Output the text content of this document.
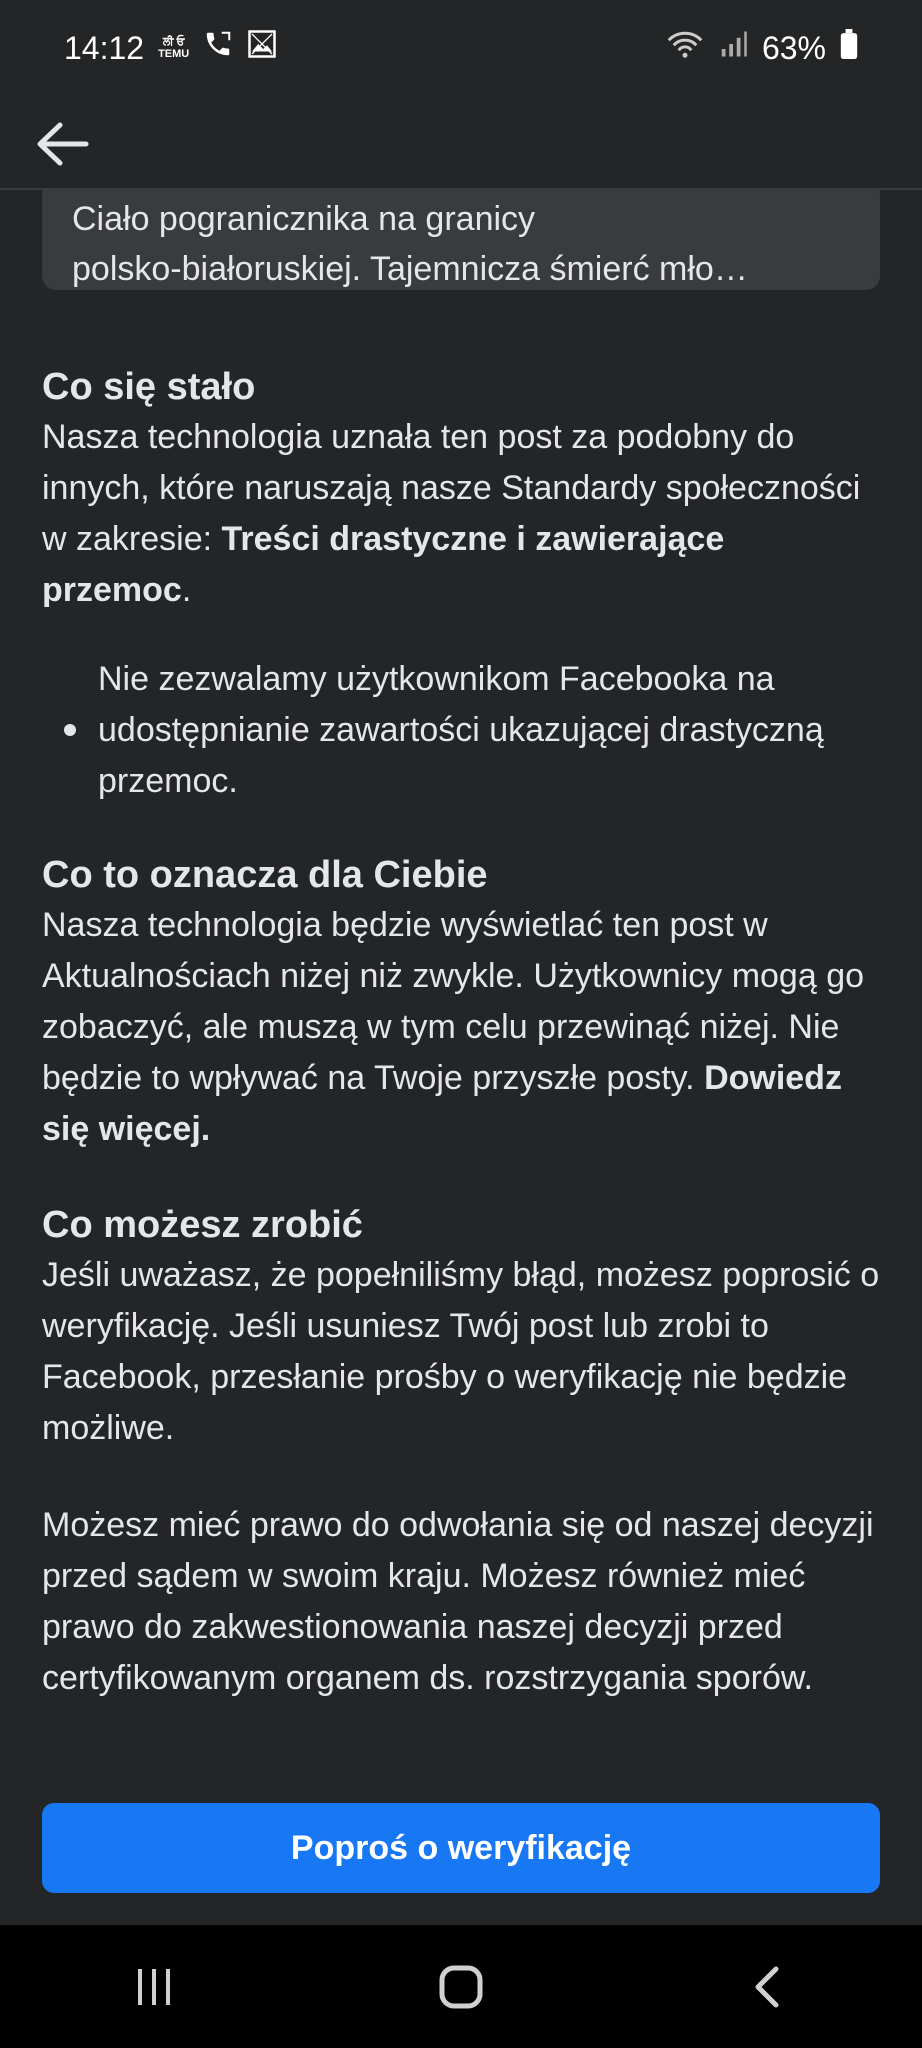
14:12 ਲੀ ਓ
TEMU	63%
Ciało pogranicznika na granicy
polsko-białoruskiej. Tajemnicza śmierć mło…
Co się stało

Nasza technologia uznała ten post za podobny do innych, które naruszają nasze Standardy społeczności w zakresie: Treści drastyczne i zawierające przemoc.

Nie zezwalamy użytkownikom Facebooka na udostępnianie zawartości ukazującej drastyczną przemoc.

Co to oznacza dla Ciebie

Nasza technologia będzie wyświetlać ten post w Aktualnościach niżej niż zwykle. Użytkownicy mogą go zobaczyć, ale muszą w tym celu przewinąć niżej. Nie będzie to wpływać na Twoje przyszłe posty. Dowiedz się więcej.

Co możesz zrobić

Jeśli uważasz, że popełniliśmy błąd, możesz poprosić o weryfikację. Jeśli usuniesz Twój post lub zrobi to Facebook, przesłanie prośby o weryfikację nie będzie możliwe.

Możesz mieć prawo do odwołania się od naszej decyzji przed sądem w swoim kraju. Możesz również mieć prawo do zakwestionowania naszej decyzji przed certyfikowanym organem ds. rozstrzygania sporów.

Poproś o weryfikację
